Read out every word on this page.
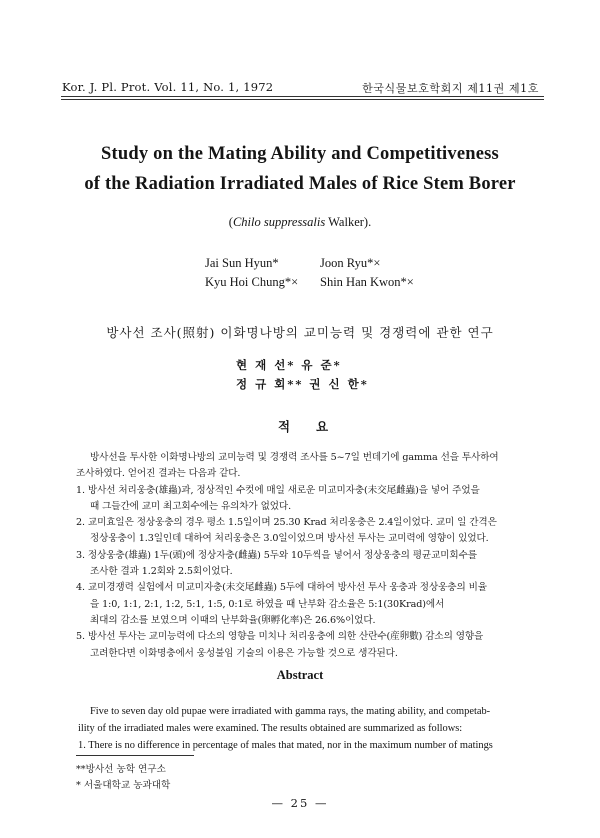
Kor. J. Pl. Prot. Vol. 11, No. 1, 1972	한국식물보호학회지 제11권 제1호
Study on the Mating Ability and Competitiveness
of the Radiation Irradiated Males of Rice Stem Borer
(Chilo suppressalis Walker).
Jai Sun Hyun*	Joon Ryu*×
Kyu Hoi Chung*× Shin Han Kwon*×
방사선 조사(照射) 이화명나방의 교미능력 및 경쟁력에 관한 연구
현 재 선* 유 준*
정 규 회** 권 신 한*
적 요
방사선을 투사한 이화명나방의 교미능력 및 경쟁력 조사를 5~7일 번데기에 gamma 선을 투사하여
조사하였다. 얻어진 결과는 다음과 같다.
1. 방사선 처리웅충(雄蟲)과, 정상적인 수컷에 매일 새로운 미교미자충(未交尾雌蟲)을 넣어 주었을
때 그들간에 교미 최고회수에는 유의차가 없었다.
2. 교미효일은 정상웅충의 경우 평소 1.5일이며 25.30 Krad 처리웅충은 2.4일이었다. 교미 일 간격은
정상웅충이 1.3일인데 대하여 처리웅충은 3.0일이었으며 방사선 투사는 교미력에 영향이 있었다.
3. 정상웅충(雄蟲) 1두(頭)에 정상자충(雌蟲) 5두와 10두씩을 넣어서 정상웅충의 평균교미회수를
조사한 결과 1.2회와 2.5회이었다.
4. 교미경쟁력 실험에서 미교미자충(未交尾雌蟲) 5두에 대하여 방사선 투사 웅충과 정상웅충의 비율
을 1:0, 1:1, 2:1, 1:2, 5:1, 1:5, 0:1로 하였을 때 난부화 감소율은 5:1(30Krad)에서
최대의 감소를 보였으며 이때의 난부화율(卵孵化率)은 26.6%이었다.
5. 방사선 투사는 교미능력에 다소의 영향을 미치나 처리웅충에 의한 산란수(産卵數) 감소의 영향을
고려한다면 이화명충에서 웅성불임 기술의 이용은 가능할 것으로 생각된다.
Abstract
Five to seven day old pupae were irradiated with gamma rays, the mating ability, and competab-
ility of the irradiated males were examined. The results obtained are summarized as follows:
1. There is no difference in percentage of males that mated, nor in the maximum number of matings
**방사선 농학 연구소
* 서울대학교 농과대학
— 25 —
